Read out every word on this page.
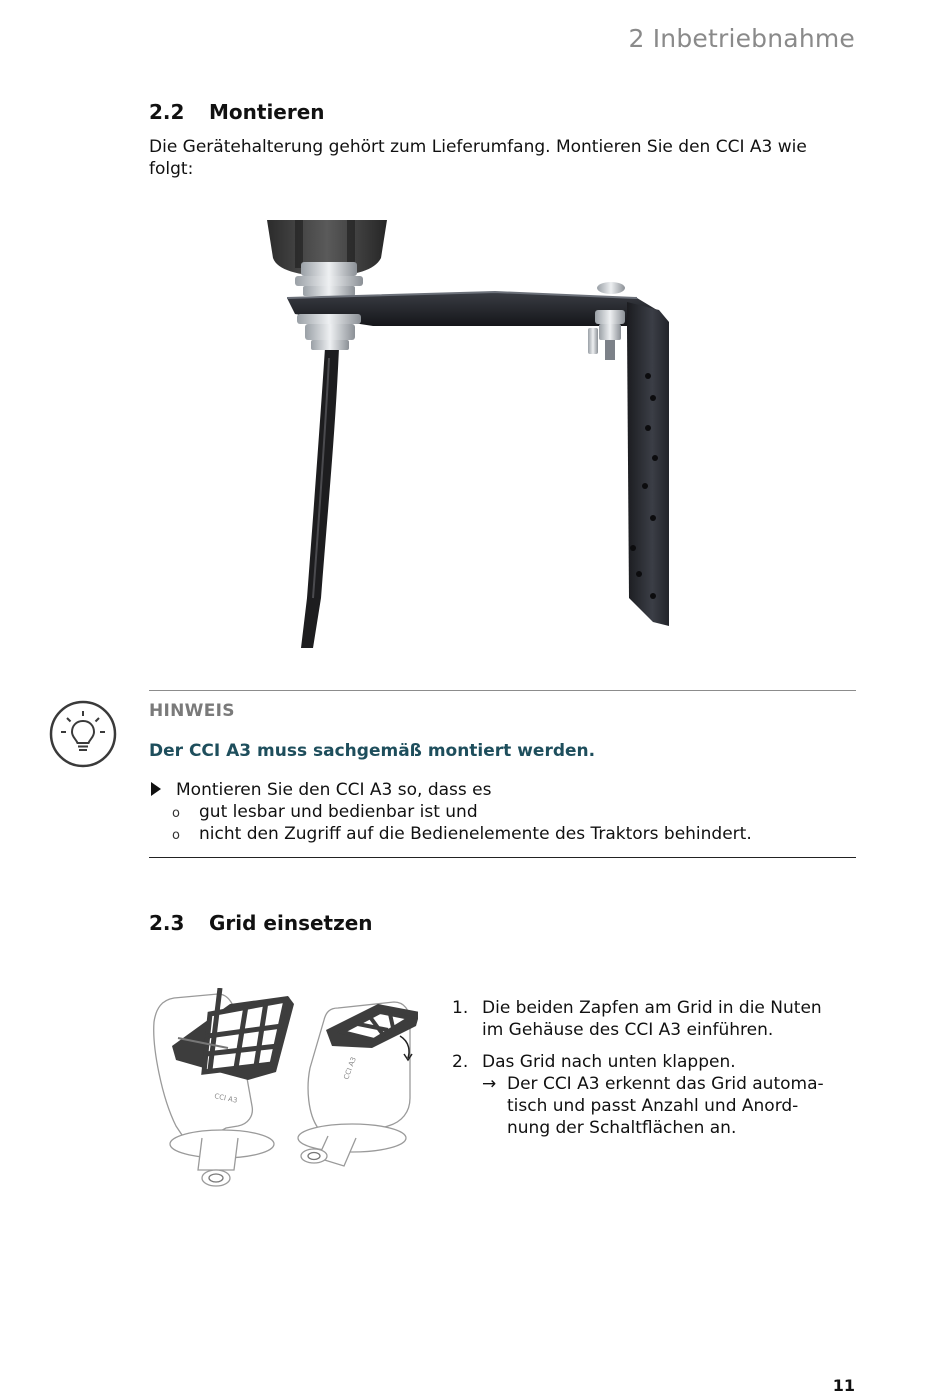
2 Inbetriebnahme
2.2 Montieren
Die Gerätehalterung gehört zum Lieferumfang. Montieren Sie den CCI A3 wie
folgt:
HINWEIS
Der CCI A3 muss sachgemäß montiert werden.
Montieren Sie den CCI A3 so, dass es
o gut lesbar und bedienbar ist und
o nicht den Zugriff auf die Bedienelemente des Traktors behindert.
2.3 Grid einsetzen
CCI A3
CCI A3
1. Die beiden Zapfen am Grid in die Nuten
im Gehäuse des CCI A3 einführen.
2. Das Grid nach unten klappen.
→ Der CCI A3 erkennt das Grid automa-
tisch und passt Anzahl und Anord-
nung der Schaltflächen an.
11
